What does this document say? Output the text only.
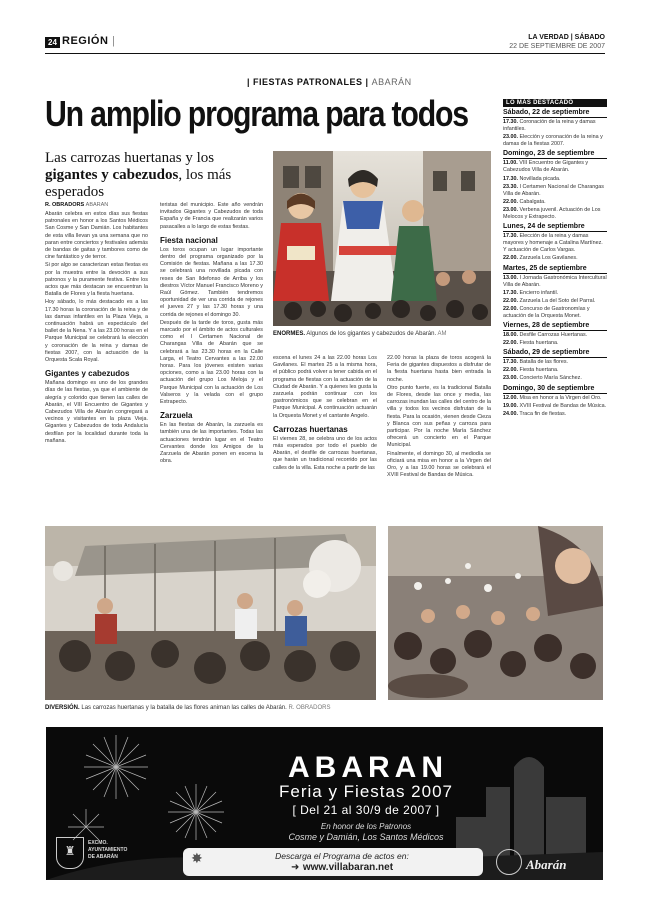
24 REGIÓN |	LA VERDAD | SÁBADO
22 DE SEPTIEMBRE DE 2007
| FIESTAS PATRONALES | ABARÁN
Un amplio programa para todos
Las carrozas huertanas y los gigantes y cabezudos, los más esperados
R. OBRADORS ABARÁN

Abarán celebra en estos días sus fiestas patronales en honor a los Santos Médicos San Cosme y San Damián. Los habitantes de esta villa llevan ya una semana que no paran entre conciertos y festivales además de bandas de gaitas y tambores como de cine fantástico y de terror.

Si por algo se caracterizan estas fiestas es por la muestra entre la devoción a sus patronos y la puramente festiva. Entre los actos que más destacan se encuentran la Batalla de Flores y la fiesta huertana.

Hoy sábado, lo más destacado es a las 17.30 horas la coronación de la reina y de las damas infantiles en la Plaza Vieja, a continuación habrá un espectáculo del ballet de la Nena. Y a las 23.00 horas en el Parque Municipal se celebrará la elección y coronación de la reina y damas de fiestas 2007, con la actuación de la Orquesta Scala Royal.

Gigantes y cabezudos

Mañana domingo es uno de los grandes días de las fiestas, ya que el ambiente de alegría y colorido que tienen las calles de Abarán, el VIII Encuentro de Gigantes y Cabezudos Villa de Abarán congregará a vecinos y visitantes en la plaza Vieja. Gigantes y Cabezudos de toda Andalucía desfilan por la localidad durante toda la mañana.

teristas del municipio. Este año vendrán invitados Gigantes y Cabezudos de toda España y de Francia que realizarán varios pasacalles a lo largo de estas fiestas.

Fiesta nacional

Los toros ocupan un lugar importante dentro del programa organizado por la Comisión de fiestas. Mañana a las 17.30 se celebrará una novillada picada con reses de San Ildefonso de Arriba y los diestros Víctor Manuel Francisco Moreno y Raúl Gómez. También tendremos oportunidad de ver una corrida de rejones el jueves 27 y las 17.30 horas y una corrida de rejones el domingo 30.

Después de la tarde de toros, gusta más marcado por el ámbito de actos culturales como el I Certamen Nacional de Charangas Villa de Abarán que se celebrará a las 23.30 horas en la Calle Larga, el Teatro Cervantes a las 22.00 horas. Para los jóvenes existen varias opciones, como a las 23.00 horas con la actuación del grupo Los Meloja y el Parque Municipal con la actuación de Los Valseros y la velada con el grupo Extrapecto.

Zarzuela

En las fiestas de Abarán, la zarzuela es también una de las importantes. Todas las actuaciones tendrán lugar en el Teatro Cervantes donde los Amigos de la Zarzuela de Abarán ponen en escena la obra.

escena el lunes 24 a las 22.00 horas Los Gavilanes. El martes 25 a la misma hora, el público podrá volver a tener cabida en el programa de fiestas con la actuación de la Ciudad de Abarán. Y a quienes les gusta la zarzuela podrán continuar con los gastronómicos que se celebran en el Parque Municipal. A continuación actuarán la Orquesta Monet y el cantante Angelo.

Carrozas huertanas

El viernes 28, se celebra uno de los actos más esperados por todo el pueblo de Abarán, el desfile de carrozas huertanas, que harán un tradicional recorrido por las calles de la villa. Esta noche a partir de las

22.00 horas la plaza de toros acogerá la Feria de gigantes dispuestos a disfrutar de la fiesta huertana hasta bien entrada la noche.

Otro punto fuerte, es la tradicional Batalla de Flores, desde las once y media, las carrozas inundan las calles del centro de la villa y todos los vecinos disfrutan de la fiesta. Para la ocasión, vienen desde Cieza y Blanca con sus peñas y carroza para participar. Por la noche María Sánchez ofrecerá un concierto en el Parque Municipal.

Finalmente, el domingo 30, al mediodía se oficiará una misa en honor a la Virgen del Oro, y a las 19.00 horas se celebrará el XVIII Festival de Bandas de Música.

ENORMES. Algunos de los gigantes y cabezudos de Abarán. AM
LO MÁS DESTACADO
Sábado, 22 de septiembre
17.30. Coronación de la reina y damas infantiles.
23.00. Elección y coronación de la reina y damas de la fiestas 2007.
Domingo, 23 de septiembre
11.00. VIII Encuentro de Gigantes y Cabezudos Villa de Abarán.
17.30. Novillada picada.
23.30. I Certamen Nacional de Charangas Villa de Abarán.
22.00. Cabalgata.
23.00. Verbena juvenil. Actuación de Los Melocos y Extrapecto.
Lunes, 24 de septiembre
17.30. Elección de la reina y damas mayores y homenaje a Catalina Martínez. Y actuación de Carlos Vargas.
22.00. Zarzuela Los Gavilanes.
Martes, 25 de septiembre
13.00. I Jornada Gastronómica Intercultural Villa de Abarán.
17.30. Encierro infantil.
22.00. Zarzuela La del Soto del Parral.
22.00. Concurso de Gastronomías y actuación de la Orquesta Monet.
Viernes, 28 de septiembre
18.00. Desfile Carrozas Huertanas.
22.00. Fiesta huertana.
Sábado, 29 de septiembre
17.30. Batalla de las flores.
22.00. Fiesta huertana.
23.00. Concierto María Sánchez.
Domingo, 30 de septiembre
12.00. Misa en honor a la Virgen del Oro.
19.00. XVIII Festival de Bandas de Música.
24.00. Traca fin de fiestas.
DIVERSIÓN. Las carrozas huertanas y la batalla de las flores animan las calles de Abarán. R. OBRADORS
ABARAN
Feria y Fiestas 2007
[ Del 21 al 30/9 de 2007 ]
En honor de los Patronos
Cosme y Damián, Los Santos Médicos
✸	Descarga el Programa de actos en:
➜ www.villabaran.net
♜
EXCMO.
AYUNTAMIENTO
DE ABARÁN	Abarán
